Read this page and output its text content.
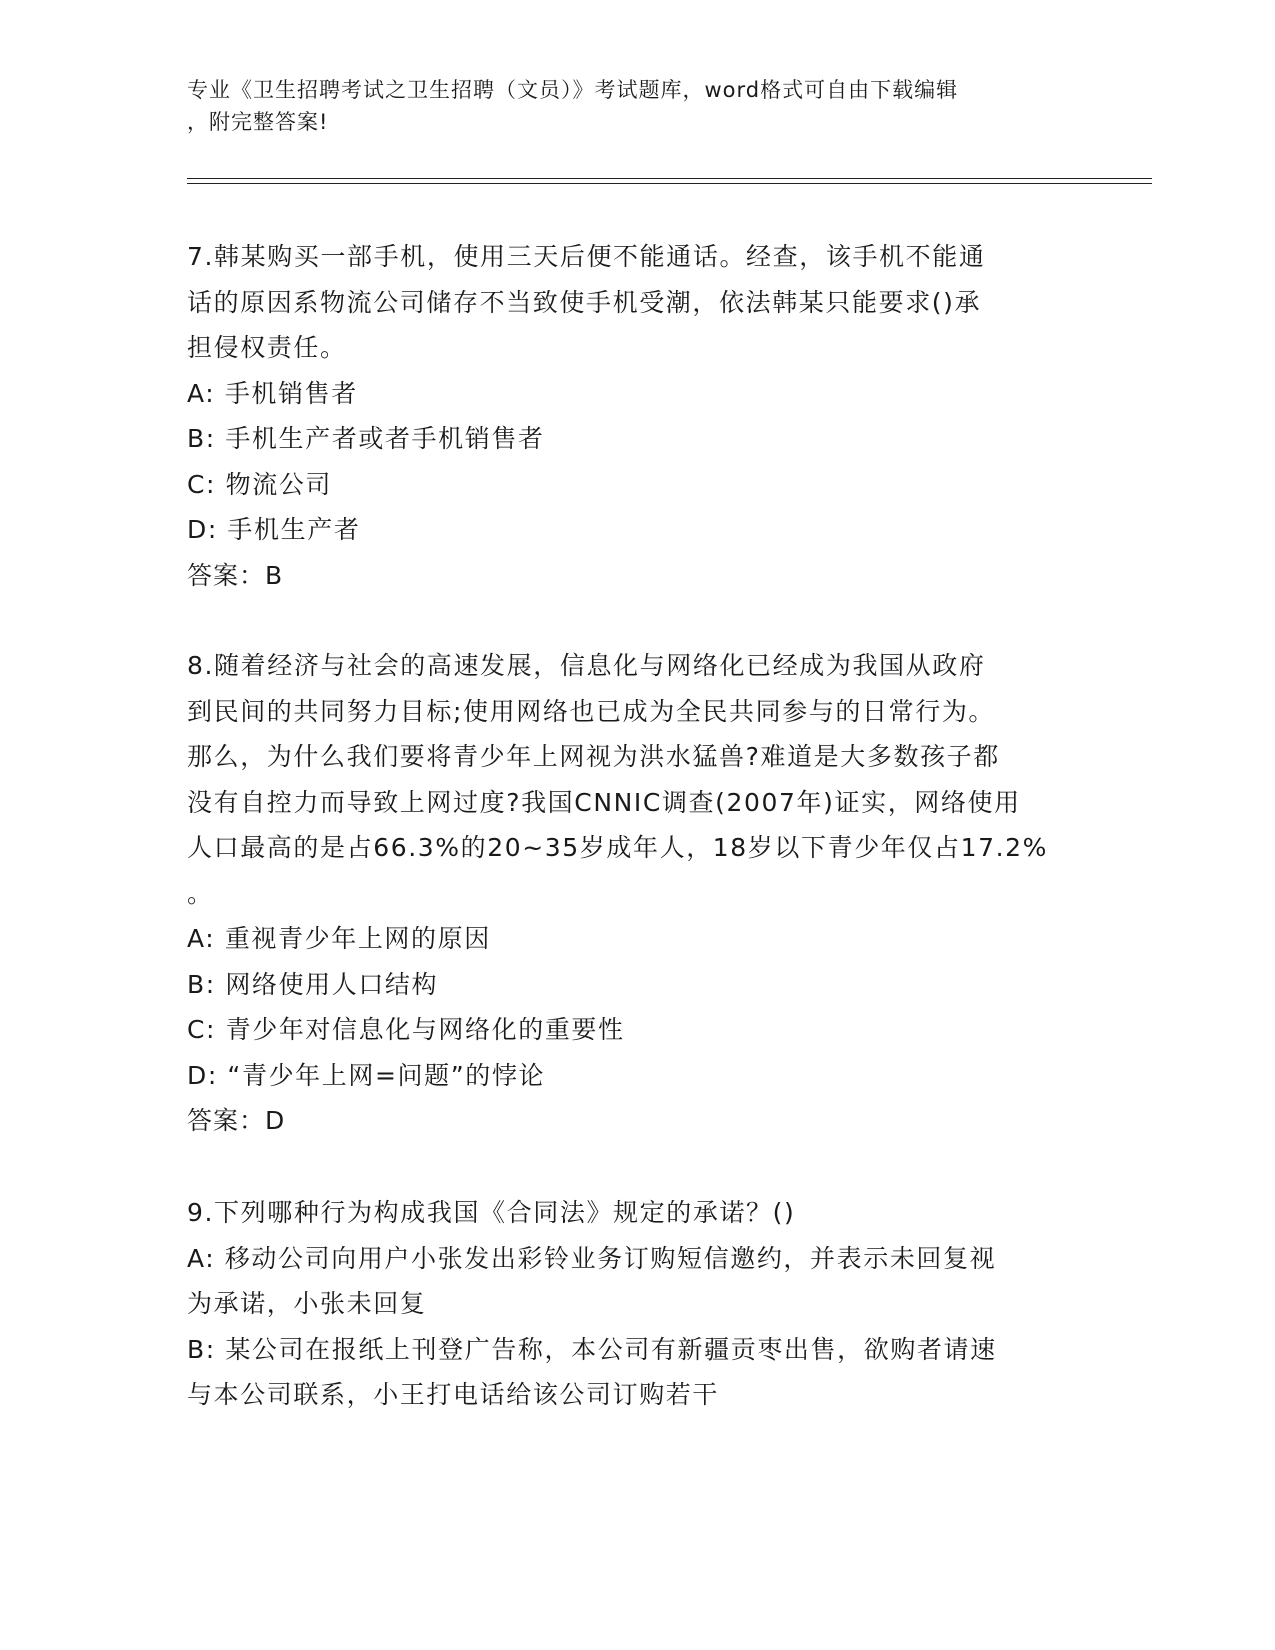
专业《卫生招聘考试之卫生招聘（文员）》考试题库，word格式可自由下载编辑
，附完整答案!
7.韩某购买一部手机，使用三天后便不能通话。经查，该手机不能通
话的原因系物流公司储存不当致使手机受潮，依法韩某只能要求()承
担侵权责任。
A: 手机销售者
B: 手机生产者或者手机销售者
C: 物流公司
D: 手机生产者
答案：B
8.随着经济与社会的高速发展，信息化与网络化已经成为我国从政府
到民间的共同努力目标;使用网络也已成为全民共同参与的日常行为。
那么，为什么我们要将青少年上网视为洪水猛兽?难道是大多数孩子都
没有自控力而导致上网过度?我国CNNIC调查(2007年)证实，网络使用
人口最高的是占66.3%的20~35岁成年人，18岁以下青少年仅占17.2%
。
A: 重视青少年上网的原因
B: 网络使用人口结构
C: 青少年对信息化与网络化的重要性
D: “青少年上网=问题”的悖论
答案：D
9.下列哪种行为构成我国《合同法》规定的承诺？()
A: 移动公司向用户小张发出彩铃业务订购短信邀约，并表示未回复视
为承诺，小张未回复
B: 某公司在报纸上刊登广告称，本公司有新疆贡枣出售，欲购者请速
与本公司联系，小王打电话给该公司订购若干
